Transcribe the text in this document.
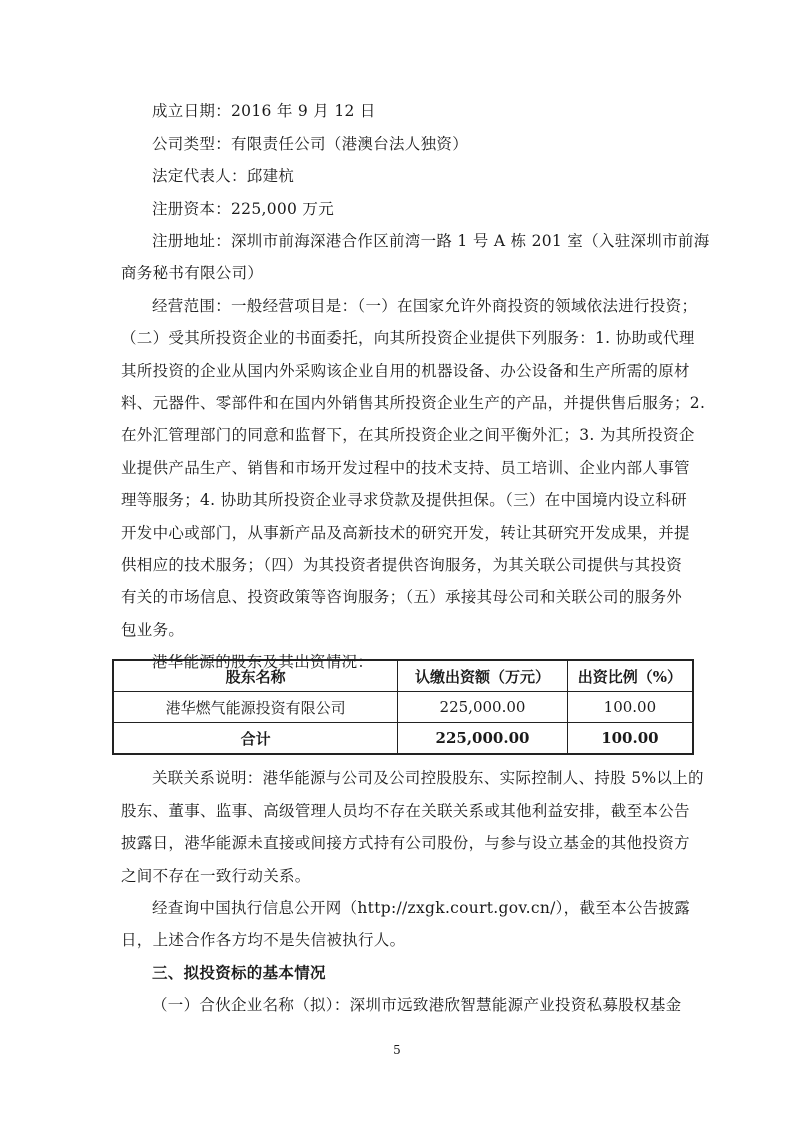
成立日期：2016 年 9 月 12 日
公司类型：有限责任公司（港澳台法人独资）
法定代表人：邱建杭
注册资本：225,000 万元
注册地址：深圳市前海深港合作区前湾一路 1 号 A 栋 201 室（入驻深圳市前海
商务秘书有限公司）
经营范围：一般经营项目是：（一）在国家允许外商投资的领域依法进行投资；
（二）受其所投资企业的书面委托，向其所投资企业提供下列服务：1. 协助或代理
其所投资的企业从国内外采购该企业自用的机器设备、办公设备和生产所需的原材
料、元器件、零部件和在国内外销售其所投资企业生产的产品，并提供售后服务；2.
在外汇管理部门的同意和监督下，在其所投资企业之间平衡外汇；3. 为其所投资企
业提供产品生产、销售和市场开发过程中的技术支持、员工培训、企业内部人事管
理等服务；4. 协助其所投资企业寻求贷款及提供担保。（三）在中国境内设立科研
开发中心或部门，从事新产品及高新技术的研究开发，转让其研究开发成果，并提
供相应的技术服务；（四）为其投资者提供咨询服务，为其关联公司提供与其投资
有关的市场信息、投资政策等咨询服务；（五）承接其母公司和关联公司的服务外
包业务。
港华能源的股东及其出资情况：
股东名称	认缴出资额（万元）	出资比例（%）
港华燃气能源投资有限公司	225,000.00	100.00
合计	225,000.00	100.00
关联关系说明：港华能源与公司及公司控股股东、实际控制人、持股 5%以上的
股东、董事、监事、高级管理人员均不存在关联关系或其他利益安排，截至本公告
披露日，港华能源未直接或间接方式持有公司股份，与参与设立基金的其他投资方
之间不存在一致行动关系。
经查询中国执行信息公开网（http://zxgk.court.gov.cn/），截至本公告披露
日，上述合作各方均不是失信被执行人。
三、拟投资标的基本情况
（一）合伙企业名称（拟）：深圳市远致港欣智慧能源产业投资私募股权基金
5
